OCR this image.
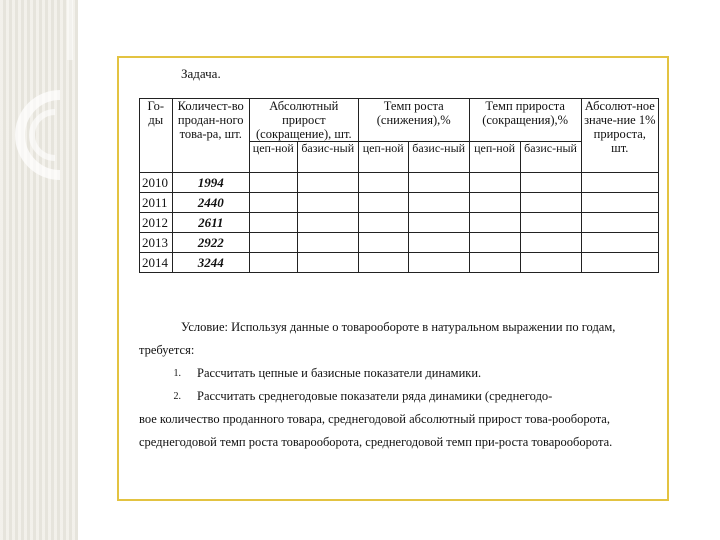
Задача.
Го-ды	Количест-во продан-ного това-ра, шт.	Абсолютный прирост (сокращение), шт.		Темп роста (снижения),%		Темп прироста (сокращения),%		Абсолют-ное значе-ние 1% прироста, шт.
		цеп-ной	базис-ный	цеп-ной	базис-ный	цеп-ной	базис-ный	
2010	1994							
2011	2440							
2012	2611							
2013	2922							
2014	3244							

Условие: Используя данные о товарообороте в натуральном выражении по годам, требуется:

1.	Рассчитать цепные и базисные показатели динамики.
2.	Рассчитать среднегодовые показатели ряда динамики (среднегодо-

вое количество проданного товара, среднегодовой абсолютный прирост това-рооборота, среднегодовой темп роста товарооборота, среднегодовой темп при-роста товарооборота.
